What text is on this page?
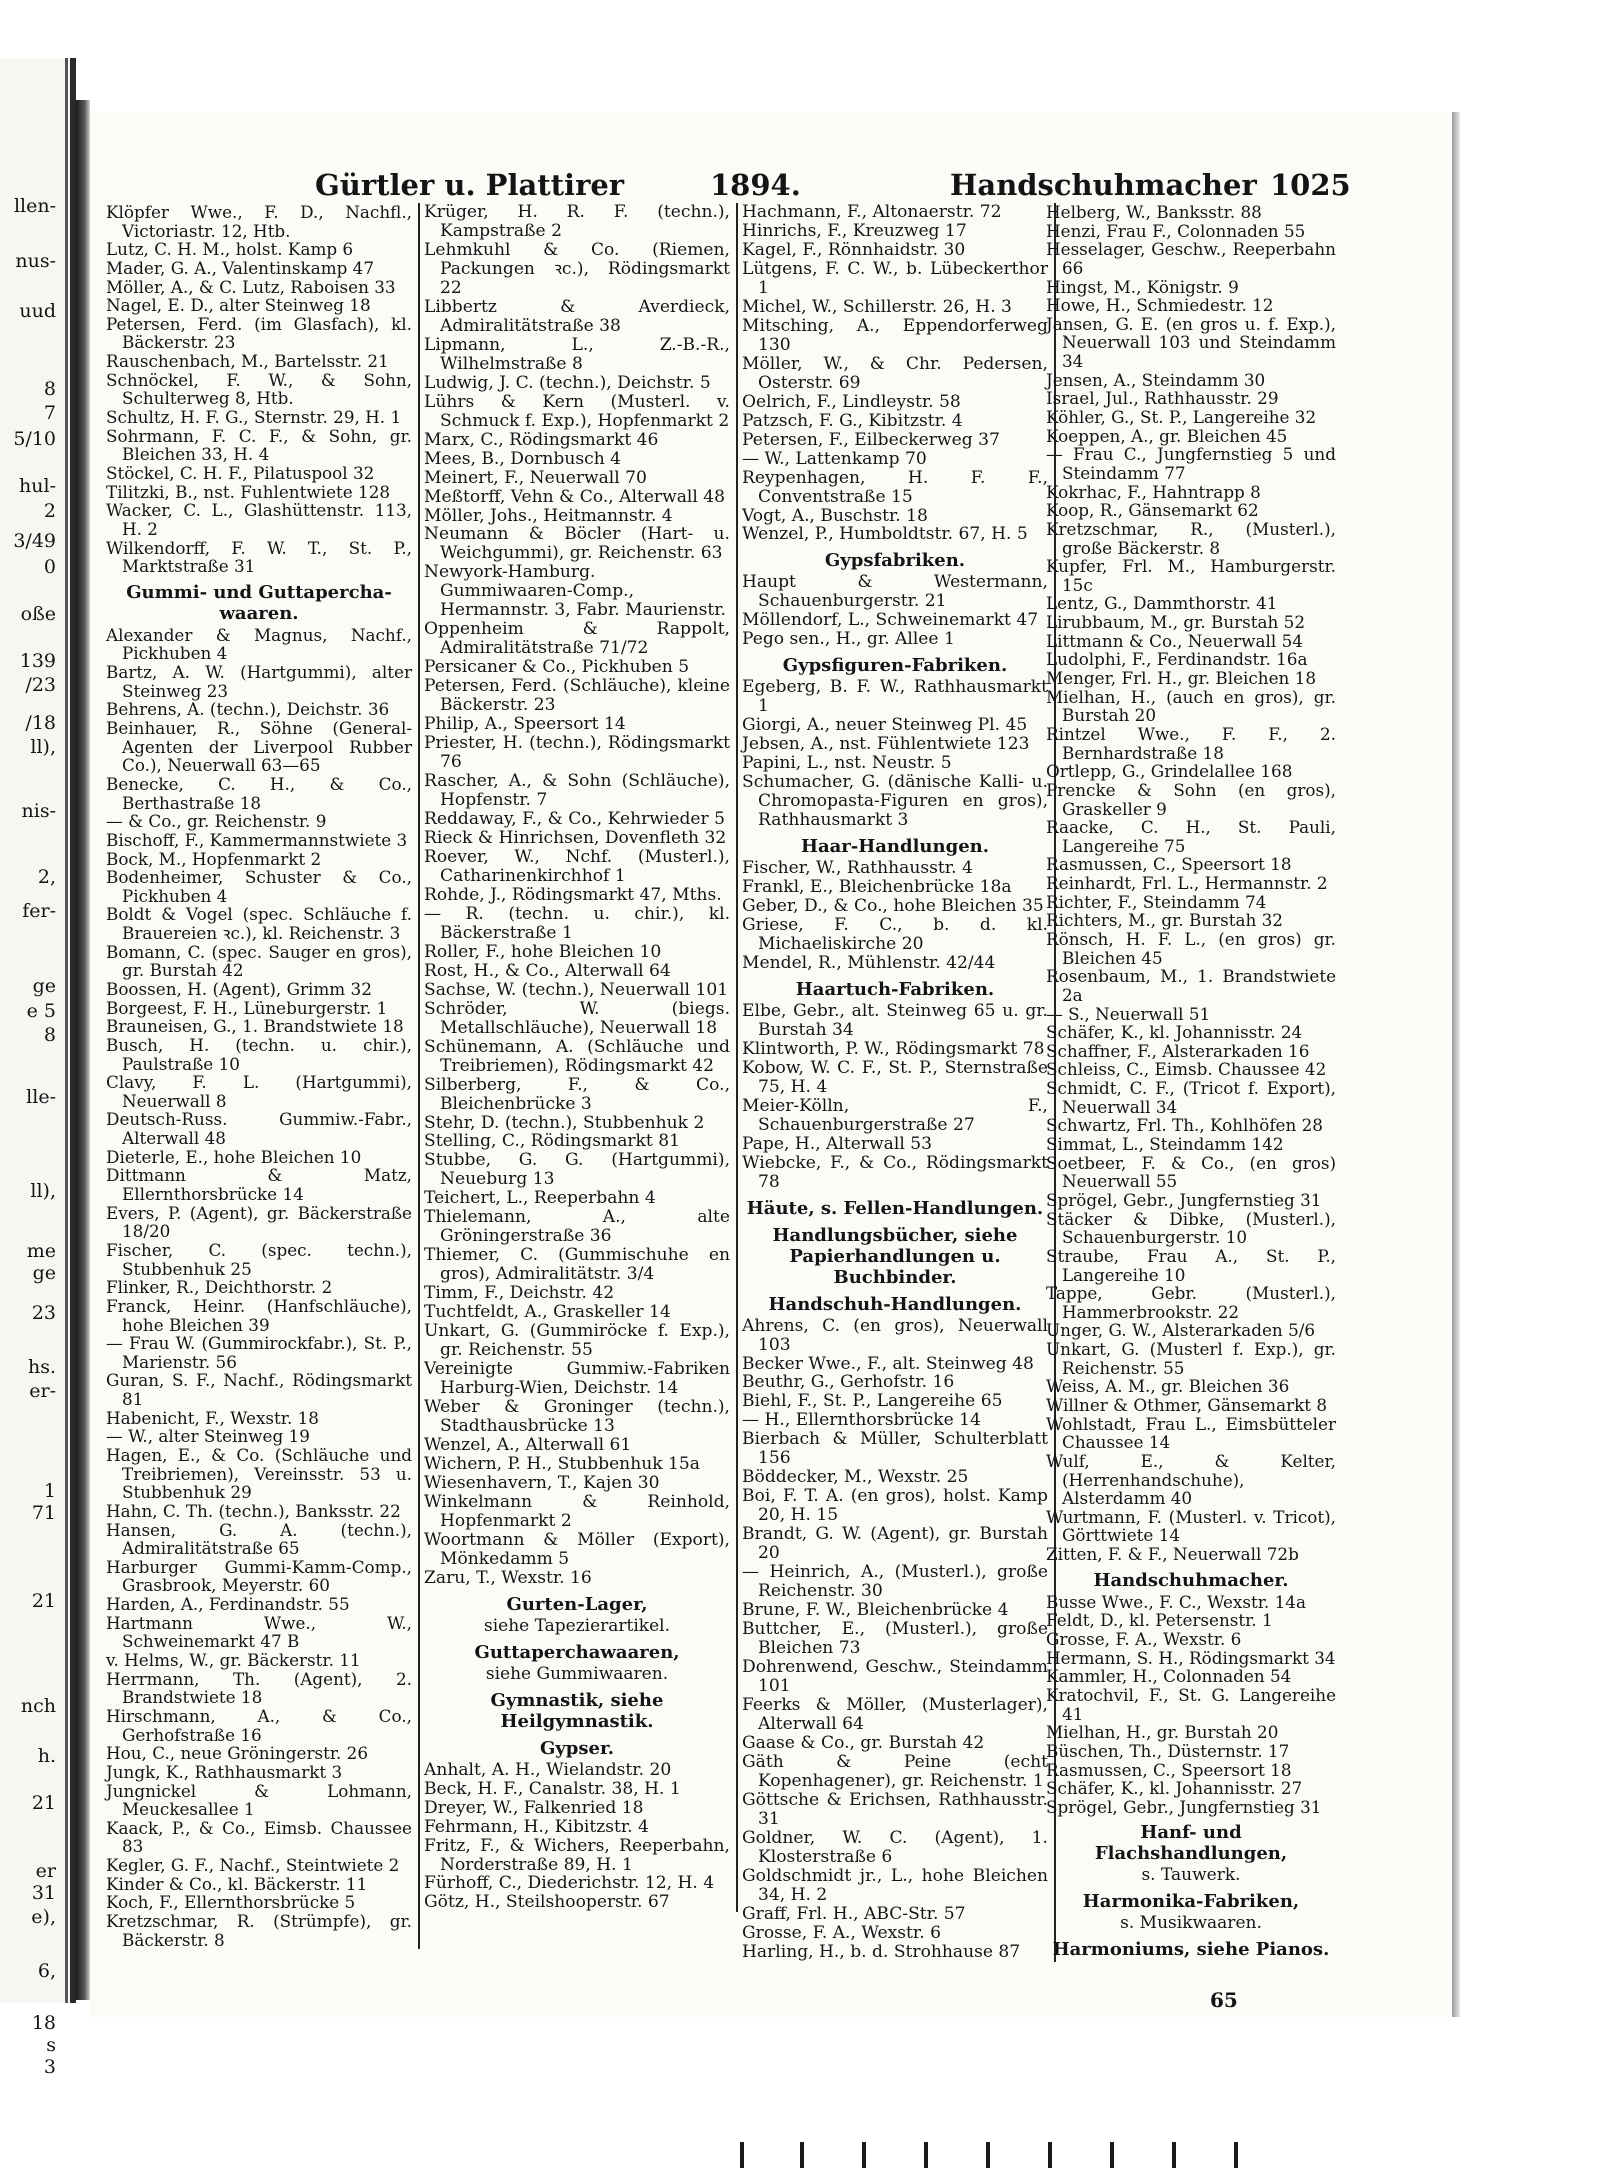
llen-
nus-
uud
8
7
5/10
hul-
2
3/49
0
oße
139
/23
/18
ll),
nis-
2,
fer-
ge
e 5
8
lle-
ll),
me
ge
23
hs.
er-
1
71
21
nch
h.
21
er
31
e),
6,
18
s
3
Gürtler u. Plattirer	1894.	Handschuhmacher 1025
Klöpfer Wwe., F. D., Nachfl., Victoriastr. 12, Htb.
Lutz, C. H. M., holst. Kamp 6
Mader, G. A., Valentinskamp 47
Möller, A., & C. Lutz, Raboisen 33
Nagel, E. D., alter Steinweg 18
Petersen, Ferd. (im Glasfach), kl. Bäckerstr. 23
Rauschenbach, M., Bartelsstr. 21
Schnöckel, F. W., & Sohn, Schulterweg 8, Htb.
Schultz, H. F. G., Sternstr. 29, H. 1
Sohrmann, F. C. F., & Sohn, gr. Bleichen 33, H. 4
Stöckel, C. H. F., Pilatuspool 32
Tilitzki, B., nst. Fuhlentwiete 128
Wacker, C. L., Glashüttenstr. 113, H. 2
Wilkendorff, F. W. T., St. P., Marktstraße 31
Gummi- und Guttapercha-waaren.
Alexander & Magnus, Nachf., Pickhuben 4
Bartz, A. W. (Hartgummi), alter Steinweg 23
Behrens, A. (techn.), Deichstr. 36
Beinhauer, R., Söhne (General-Agenten der Liverpool Rubber Co.), Neuerwall 63—65
Benecke, C. H., & Co., Berthastraße 18
— & Co., gr. Reichenstr. 9
Bischoff, F., Kammermannstwiete 3
Bock, M., Hopfenmarkt 2
Bodenheimer, Schuster & Co., Pickhuben 4
Boldt & Vogel (spec. Schläuche f. Brauereien ꝛc.), kl. Reichenstr. 3
Bomann, C. (spec. Sauger en gros), gr. Burstah 42
Boossen, H. (Agent), Grimm 32
Borgeest, F. H., Lüneburgerstr. 1
Brauneisen, G., 1. Brandstwiete 18
Busch, H. (techn. u. chir.), Paulstraße 10
Clavy, F. L. (Hartgummi), Neuerwall 8
Deutsch-Russ. Gummiw.-Fabr., Alterwall 48
Dieterle, E., hohe Bleichen 10
Dittmann & Matz, Ellernthorsbrücke 14
Evers, P. (Agent), gr. Bäckerstraße 18/20
Fischer, C. (spec. techn.), Stubbenhuk 25
Flinker, R., Deichthorstr. 2
Franck, Heinr. (Hanfschläuche), hohe Bleichen 39
— Frau W. (Gummirockfabr.), St. P., Marienstr. 56
Guran, S. F., Nachf., Rödingsmarkt 81
Habenicht, F., Wexstr. 18
— W., alter Steinweg 19
Hagen, E., & Co. (Schläuche und Treibriemen), Vereinsstr. 53 u. Stubbenhuk 29
Hahn, C. Th. (techn.), Banksstr. 22
Hansen, G. A. (techn.), Admiralitätstraße 65
Harburger Gummi-Kamm-Comp., Grasbrook, Meyerstr. 60
Harden, A., Ferdinandstr. 55
Hartmann Wwe., W., Schweinemarkt 47 B
v. Helms, W., gr. Bäckerstr. 11
Herrmann, Th. (Agent), 2. Brandstwiete 18
Hirschmann, A., & Co., Gerhofstraße 16
Hou, C., neue Gröningerstr. 26
Jungk, K., Rathhausmarkt 3
Jungnickel & Lohmann, Meuckesallee 1
Kaack, P., & Co., Eimsb. Chaussee 83
Kegler, G. F., Nachf., Steintwiete 2
Kinder & Co., kl. Bäckerstr. 11
Koch, F., Ellernthorsbrücke 5
Kretzschmar, R. (Strümpfe), gr. Bäckerstr. 8
Krüger, H. R. F. (techn.), Kampstraße 2
Lehmkuhl & Co. (Riemen, Packungen ꝛc.), Rödingsmarkt 22
Libbertz & Averdieck, Admiralitätstraße 38
Lipmann, L., Z.-B.-R., Wilhelmstraße 8
Ludwig, J. C. (techn.), Deichstr. 5
Lührs & Kern (Musterl. v. Schmuck f. Exp.), Hopfenmarkt 2
Marx, C., Rödingsmarkt 46
Mees, B., Dornbusch 4
Meinert, F., Neuerwall 70
Meßtorff, Vehn & Co., Alterwall 48
Möller, Johs., Heitmannstr. 4
Neumann & Böcler (Hart- u. Weichgummi), gr. Reichenstr. 63
Newyork-Hamburg. Gummiwaaren-Comp., Hermannstr. 3, Fabr. Maurienstr.
Oppenheim & Rappolt, Admiralitätstraße 71/72
Persicaner & Co., Pickhuben 5
Petersen, Ferd. (Schläuche), kleine Bäckerstr. 23
Philip, A., Speersort 14
Priester, H. (techn.), Rödingsmarkt 76
Rascher, A., & Sohn (Schläuche), Hopfenstr. 7
Reddaway, F., & Co., Kehrwieder 5
Rieck & Hinrichsen, Dovenfleth 32
Roever, W., Nchf. (Musterl.), Catharinenkirchhof 1
Rohde, J., Rödingsmarkt 47, Mths.
— R. (techn. u. chir.), kl. Bäckerstraße 1
Roller, F., hohe Bleichen 10
Rost, H., & Co., Alterwall 64
Sachse, W. (techn.), Neuerwall 101
Schröder, W. (biegs. Metallschläuche), Neuerwall 18
Schünemann, A. (Schläuche und Treibriemen), Rödingsmarkt 42
Silberberg, F., & Co., Bleichenbrücke 3
Stehr, D. (techn.), Stubbenhuk 2
Stelling, C., Rödingsmarkt 81
Stubbe, G. G. (Hartgummi), Neueburg 13
Teichert, L., Reeperbahn 4
Thielemann, A., alte Gröningerstraße 36
Thiemer, C. (Gummischuhe en gros), Admiralitätstr. 3/4
Timm, F., Deichstr. 42
Tuchtfeldt, A., Graskeller 14
Unkart, G. (Gummiröcke f. Exp.), gr. Reichenstr. 55
Vereinigte Gummiw.-Fabriken Harburg-Wien, Deichstr. 14
Weber & Groninger (techn.), Stadthausbrücke 13
Wenzel, A., Alterwall 61
Wichern, P. H., Stubbenhuk 15a
Wiesenhavern, T., Kajen 30
Winkelmann & Reinhold, Hopfenmarkt 2
Woortmann & Möller (Export), Mönkedamm 5
Zaru, T., Wexstr. 16
Gurten-Lager,
siehe Tapezierartikel.
Guttaperchawaaren,
siehe Gummiwaaren.
Gymnastik, siehe Heilgymnastik.
Gypser.
Anhalt, A. H., Wielandstr. 20
Beck, H. F., Canalstr. 38, H. 1
Dreyer, W., Falkenried 18
Fehrmann, H., Kibitzstr. 4
Fritz, F., & Wichers, Reeperbahn, Norderstraße 89, H. 1
Fürhoff, C., Diederichstr. 12, H. 4
Götz, H., Steilshooperstr. 67
Hachmann, F., Altonaerstr. 72
Hinrichs, F., Kreuzweg 17
Kagel, F., Rönnhaidstr. 30
Lütgens, F. C. W., b. Lübeckerthor 1
Michel, W., Schillerstr. 26, H. 3
Mitsching, A., Eppendorferweg 130
Möller, W., & Chr. Pedersen, Osterstr. 69
Oelrich, F., Lindleystr. 58
Patzsch, F. G., Kibitzstr. 4
Petersen, F., Eilbeckerweg 37
— W., Lattenkamp 70
Reypenhagen, H. F. F., Conventstraße 15
Vogt, A., Buschstr. 18
Wenzel, P., Humboldtstr. 67, H. 5
Gypsfabriken.
Haupt & Westermann, Schauenburgerstr. 21
Möllendorf, L., Schweinemarkt 47
Pego sen., H., gr. Allee 1
Gypsfiguren-Fabriken.
Egeberg, B. F. W., Rathhausmarkt 1
Giorgi, A., neuer Steinweg Pl. 45
Jebsen, A., nst. Fühlentwiete 123
Papini, L., nst. Neustr. 5
Schumacher, G. (dänische Kalli- u. Chromopasta-Figuren en gros), Rathhausmarkt 3
Haar-Handlungen.
Fischer, W., Rathhausstr. 4
Frankl, E., Bleichenbrücke 18a
Geber, D., & Co., hohe Bleichen 35
Griese, F. C., b. d. kl. Michaeliskirche 20
Mendel, R., Mühlenstr. 42/44
Haartuch-Fabriken.
Elbe, Gebr., alt. Steinweg 65 u. gr. Burstah 34
Klintworth, P. W., Rödingsmarkt 78
Kobow, W. C. F., St. P., Sternstraße 75, H. 4
Meier-Kölln, F., Schauenburgerstraße 27
Pape, H., Alterwall 53
Wiebcke, F., & Co., Rödingsmarkt 78
Häute, s. Fellen-Handlungen.
Handlungsbücher, siehe Papierhandlungen u. Buchbinder.
Handschuh-Handlungen.
Ahrens, C. (en gros), Neuerwall 103
Becker Wwe., F., alt. Steinweg 48
Beuthr, G., Gerhofstr. 16
Biehl, F., St. P., Langereihe 65
— H., Ellernthorsbrücke 14
Bierbach & Müller, Schulterblatt 156
Böddecker, M., Wexstr. 25
Boi, F. T. A. (en gros), holst. Kamp 20, H. 15
Brandt, G. W. (Agent), gr. Burstah 20
— Heinrich, A., (Musterl.), große Reichenstr. 30
Brune, F. W., Bleichenbrücke 4
Buttcher, E., (Musterl.), große Bleichen 73
Dohrenwend, Geschw., Steindamm 101
Feerks & Möller, (Musterlager), Alterwall 64
Gaase & Co., gr. Burstah 42
Gäth & Peine (echt Kopenhagener), gr. Reichenstr. 1
Göttsche & Erichsen, Rathhausstr. 31
Goldner, W. C. (Agent), 1. Klosterstraße 6
Goldschmidt jr., L., hohe Bleichen 34, H. 2
Graff, Frl. H., ABC-Str. 57
Grosse, F. A., Wexstr. 6
Harling, H., b. d. Strohhause 87
Helberg, W., Banksstr. 88
Henzi, Frau F., Colonnaden 55
Hesselager, Geschw., Reeperbahn 66
Hingst, M., Königstr. 9
Howe, H., Schmiedestr. 12
Jansen, G. E. (en gros u. f. Exp.), Neuerwall 103 und Steindamm 34
Jensen, A., Steindamm 30
Israel, Jul., Rathhausstr. 29
Köhler, G., St. P., Langereihe 32
Koeppen, A., gr. Bleichen 45
— Frau C., Jungfernstieg 5 und Steindamm 77
Kokrhac, F., Hahntrapp 8
Koop, R., Gänsemarkt 62
Kretzschmar, R., (Musterl.), große Bäckerstr. 8
Kupfer, Frl. M., Hamburgerstr. 15c
Lentz, G., Dammthorstr. 41
Lirubbaum, M., gr. Burstah 52
Littmann & Co., Neuerwall 54
Ludolphi, F., Ferdinandstr. 16a
Menger, Frl. H., gr. Bleichen 18
Mielhan, H., (auch en gros), gr. Burstah 20
Rintzel Wwe., F. F., 2. Bernhardstraße 18
Ortlepp, G., Grindelallee 168
Prencke & Sohn (en gros), Graskeller 9
Raacke, C. H., St. Pauli, Langereihe 75
Rasmussen, C., Speersort 18
Reinhardt, Frl. L., Hermannstr. 2
Richter, F., Steindamm 74
Richters, M., gr. Burstah 32
Rönsch, H. F. L., (en gros) gr. Bleichen 45
Rosenbaum, M., 1. Brandstwiete 2a
— S., Neuerwall 51
Schäfer, K., kl. Johannisstr. 24
Schaffner, F., Alsterarkaden 16
Schleiss, C., Eimsb. Chaussee 42
Schmidt, C. F., (Tricot f. Export), Neuerwall 34
Schwartz, Frl. Th., Kohlhöfen 28
Simmat, L., Steindamm 142
Soetbeer, F. & Co., (en gros) Neuerwall 55
Sprögel, Gebr., Jungfernstieg 31
Stäcker & Dibke, (Musterl.), Schauenburgerstr. 10
Straube, Frau A., St. P., Langereihe 10
Tappe, Gebr. (Musterl.), Hammerbrookstr. 22
Unger, G. W., Alsterarkaden 5/6
Unkart, G. (Musterl f. Exp.), gr. Reichenstr. 55
Weiss, A. M., gr. Bleichen 36
Willner & Othmer, Gänsemarkt 8
Wohlstadt, Frau L., Eimsbütteler Chaussee 14
Wulf, E., & Kelter, (Herrenhandschuhe), Alsterdamm 40
Wurtmann, F. (Musterl. v. Tricot), Görttwiete 14
Zitten, F. & F., Neuerwall 72b
Handschuhmacher.
Busse Wwe., F. C., Wexstr. 14a
Feldt, D., kl. Petersenstr. 1
Grosse, F. A., Wexstr. 6
Hermann, S. H., Rödingsmarkt 34
Kammler, H., Colonnaden 54
Kratochvil, F., St. G. Langereihe 41
Mielhan, H., gr. Burstah 20
Büschen, Th., Düsternstr. 17
Rasmussen, C., Speersort 18
Schäfer, K., kl. Johannisstr. 27
Sprögel, Gebr., Jungfernstieg 31
Hanf- und Flachshandlungen,
s. Tauwerk.
Harmonika-Fabriken,
s. Musikwaaren.
Harmoniums, siehe Pianos.
65
